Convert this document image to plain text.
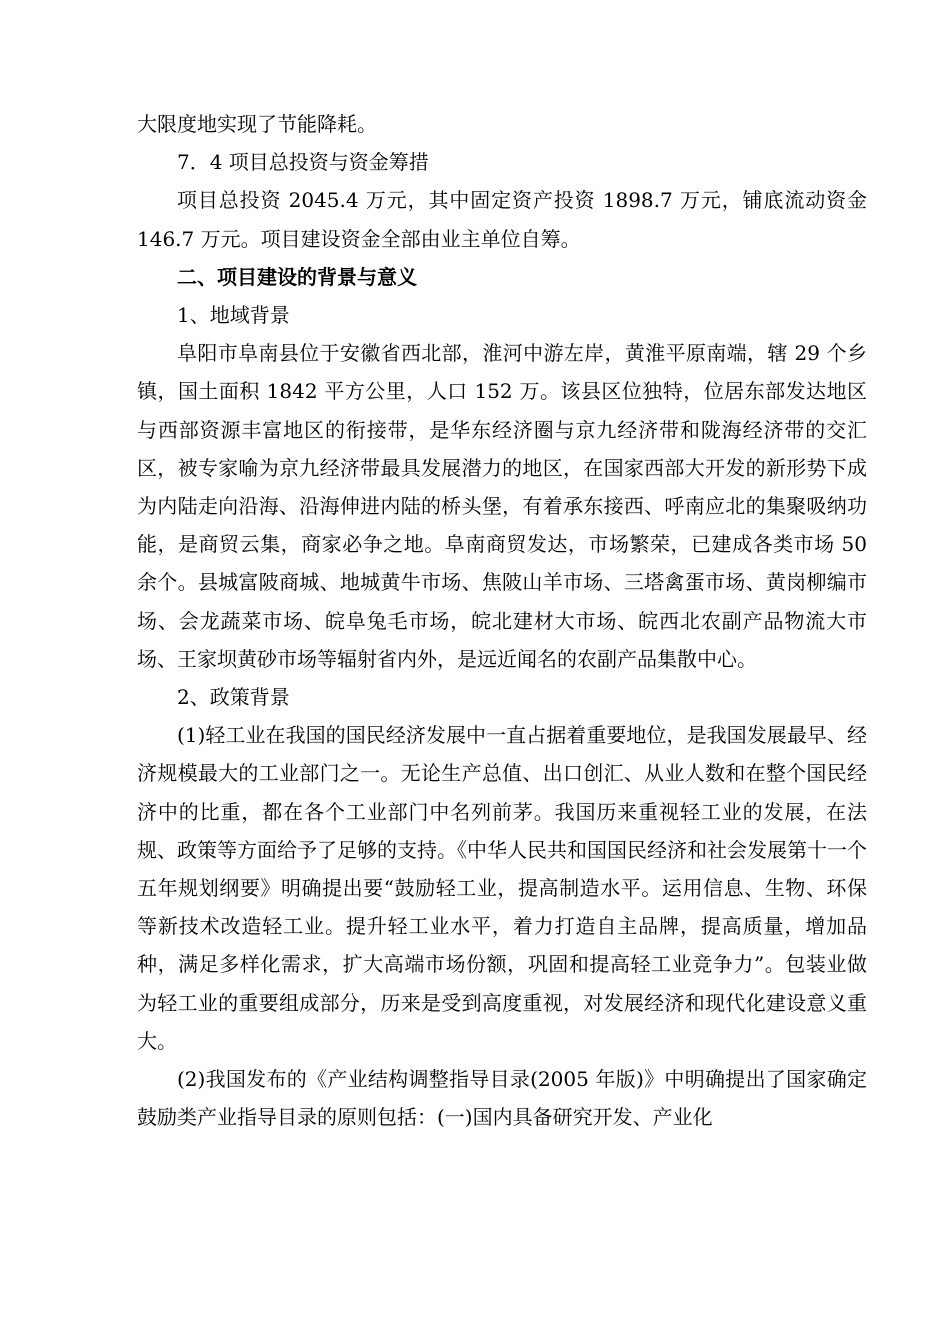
大限度地实现了节能降耗。

7．4 项目总投资与资金筹措

项目总投资 2045.4 万元，其中固定资产投资 1898.7 万元，铺底流动资金 146.7 万元。项目建设资金全部由业主单位自筹。

二、项目建设的背景与意义

1、地域背景

阜阳市阜南县位于安徽省西北部，淮河中游左岸，黄淮平原南端，辖 29 个乡镇，国土面积 1842 平方公里，人口 152 万。该县区位独特，位居东部发达地区与西部资源丰富地区的衔接带，是华东经济圈与京九经济带和陇海经济带的交汇区，被专家喻为京九经济带最具发展潜力的地区，在国家西部大开发的新形势下成为内陆走向沿海、沿海伸进内陆的桥头堡，有着承东接西、呼南应北的集聚吸纳功能，是商贸云集，商家必争之地。阜南商贸发达，市场繁荣，已建成各类市场 50 余个。县城富陂商城、地城黄牛市场、焦陂山羊市场、三塔禽蛋市场、黄岗柳编市场、会龙蔬菜市场、皖阜兔毛市场，皖北建材大市场、皖西北农副产品物流大市场、王家坝黄砂市场等辐射省内外，是远近闻名的农副产品集散中心。

2、政策背景

(1)轻工业在我国的国民经济发展中一直占据着重要地位，是我国发展最早、经济规模最大的工业部门之一。无论生产总值、出口创汇、从业人数和在整个国民经济中的比重，都在各个工业部门中名列前茅。我国历来重视轻工业的发展，在法规、政策等方面给予了足够的支持。《中华人民共和国国民经济和社会发展第十一个五年规划纲要》明确提出要“鼓励轻工业，提高制造水平。运用信息、生物、环保等新技术改造轻工业。提升轻工业水平，着力打造自主品牌，提高质量，增加品种，满足多样化需求，扩大高端市场份额，巩固和提高轻工业竞争力”。包装业做为轻工业的重要组成部分，历来是受到高度重视，对发展经济和现代化建设意义重大。

(2)我国发布的《产业结构调整指导目录(2005 年版)》中明确提出了国家确定鼓励类产业指导目录的原则包括：(一)国内具备研究开发、产业化
